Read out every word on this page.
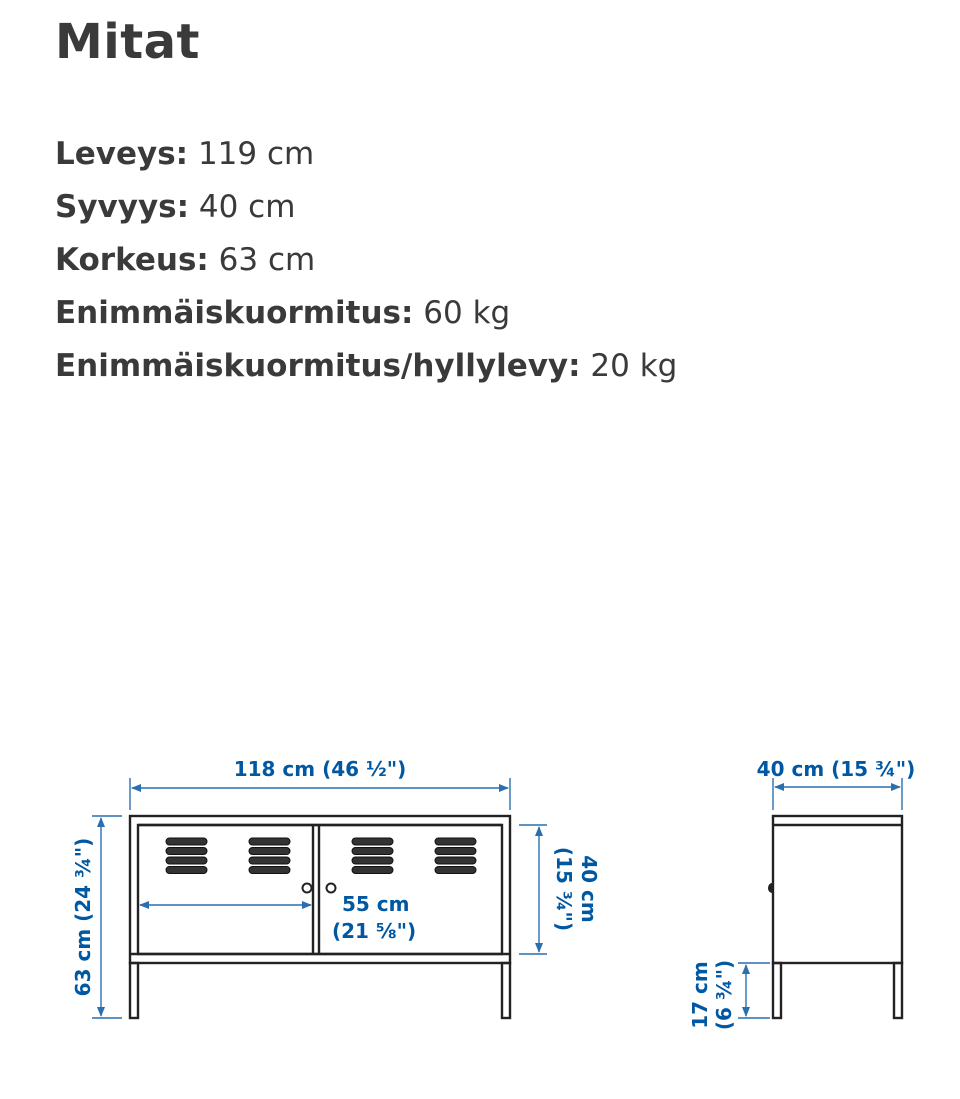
Mitat
Leveys: 119 cm
Syvyys: 40 cm
Korkeus: 63 cm
Enimmäiskuormitus: 60 kg
Enimmäiskuormitus/hyllylevy: 20 kg
118 cm (46 ½")
63 cm (24 ¾")	40 cm
(15 ¾")
55 cm
(21 ⅝")
40 cm (15 ¾")
17 cm (6 ¾")
